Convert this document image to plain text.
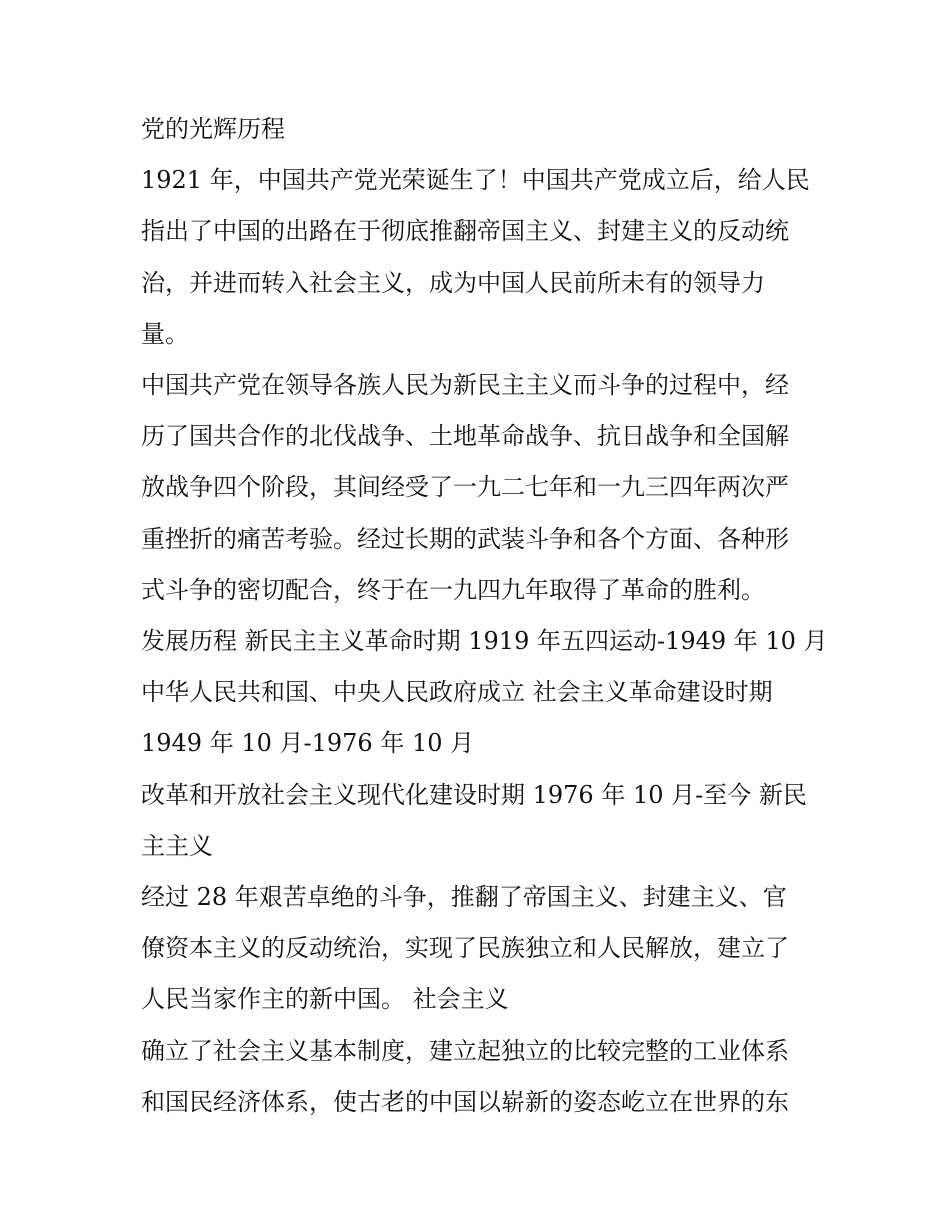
党的光辉历程

1921 年，中国共产党光荣诞生了！中国共产党成立后，给人民

指出了中国的出路在于彻底推翻帝国主义、封建主义的反动统

治，并进而转入社会主义，成为中国人民前所未有的领导力

量。

中国共产党在领导各族人民为新民主主义而斗争的过程中，经

历了国共合作的北伐战争、土地革命战争、抗日战争和全国解

放战争四个阶段，其间经受了一九二七年和一九三四年两次严

重挫折的痛苦考验。经过长期的武装斗争和各个方面、各种形

式斗争的密切配合，终于在一九四九年取得了革命的胜利。

发展历程 新民主主义革命时期 1919 年五四运动-1949 年 10 月

中华人民共和国、中央人民政府成立 社会主义革命建设时期

1949 年 10 月-1976 年 10 月

改革和开放社会主义现代化建设时期 1976 年 10 月-至今 新民

主主义

经过 28 年艰苦卓绝的斗争，推翻了帝国主义、封建主义、官

僚资本主义的反动统治，实现了民族独立和人民解放，建立了

人民当家作主的新中国。 社会主义

确立了社会主义基本制度，建立起独立的比较完整的工业体系

和国民经济体系，使古老的中国以崭新的姿态屹立在世界的东
